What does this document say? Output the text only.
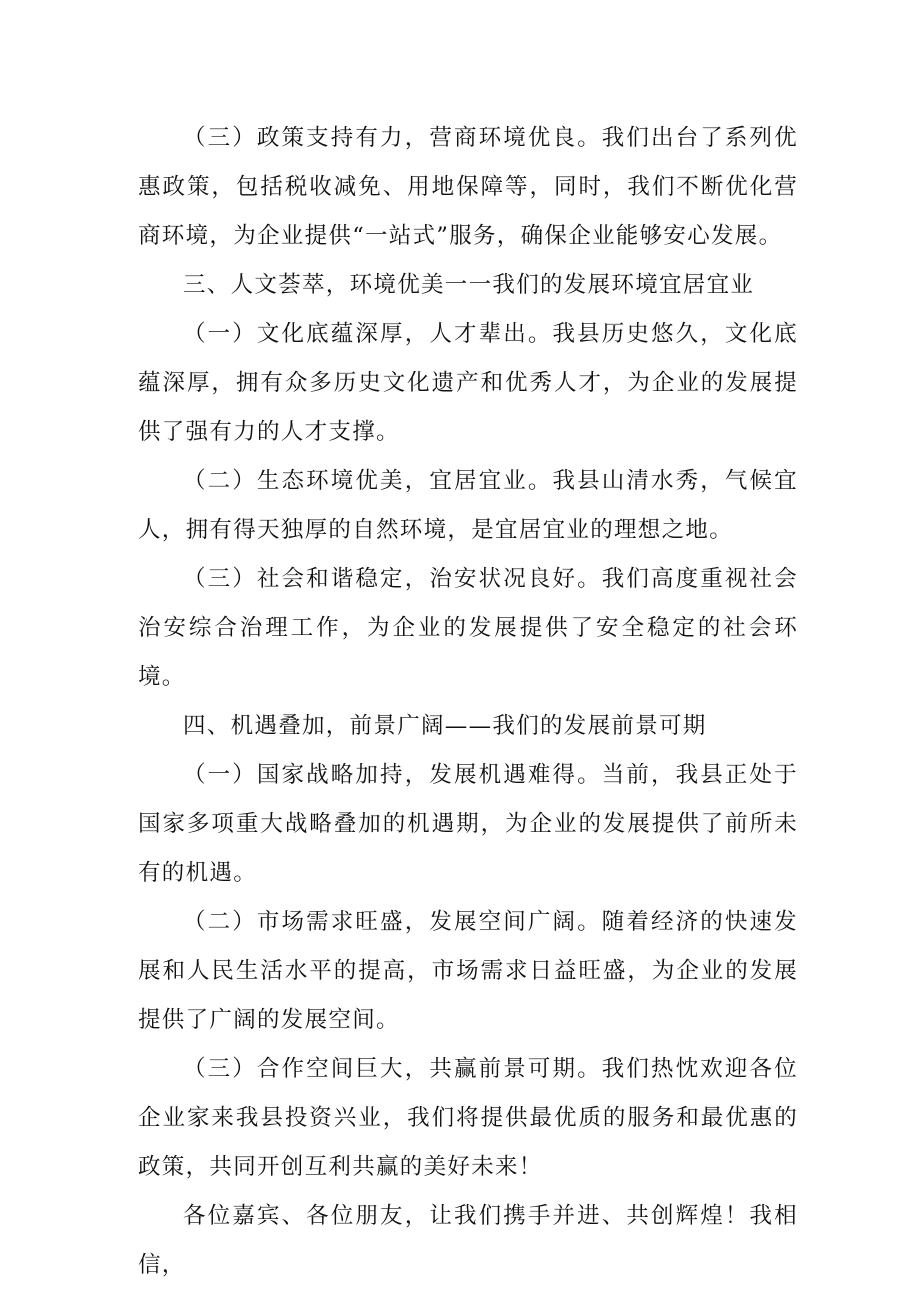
（三）政策支持有力，营商环境优良。我们出台了系列优惠政策，包括税收减免、用地保障等，同时，我们不断优化营商环境，为企业提供“一站式”服务，确保企业能够安心发展。

三、人文荟萃，环境优美一一我们的发展环境宜居宜业

（一）文化底蕴深厚，人才辈出。我县历史悠久，文化底蕴深厚，拥有众多历史文化遗产和优秀人才，为企业的发展提供了强有力的人才支撑。

（二）生态环境优美，宜居宜业。我县山清水秀，气候宜人，拥有得天独厚的自然环境，是宜居宜业的理想之地。

（三）社会和谐稳定，治安状况良好。我们高度重视社会治安综合治理工作，为企业的发展提供了安全稳定的社会环境。

四、机遇叠加，前景广阔——我们的发展前景可期

（一）国家战略加持，发展机遇难得。当前，我县正处于国家多项重大战略叠加的机遇期，为企业的发展提供了前所未有的机遇。

（二）市场需求旺盛，发展空间广阔。随着经济的快速发展和人民生活水平的提高，市场需求日益旺盛，为企业的发展提供了广阔的发展空间。

（三）合作空间巨大，共赢前景可期。我们热忱欢迎各位企业家来我县投资兴业，我们将提供最优质的服务和最优惠的政策，共同开创互利共赢的美好未来！

各位嘉宾、各位朋友，让我们携手并进、共创辉煌！我相信，
